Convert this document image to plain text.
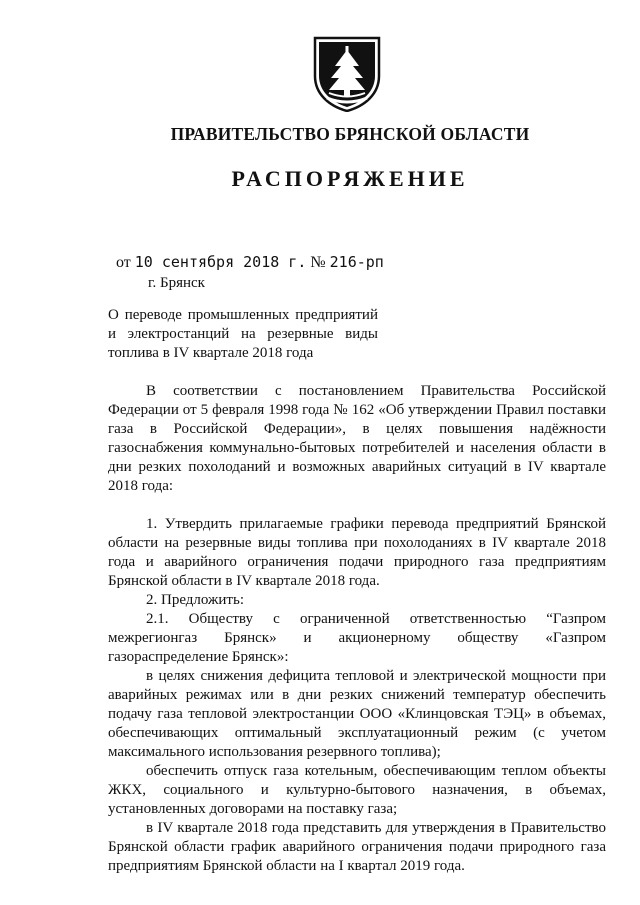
ПРАВИТЕЛЬСТВО БРЯНСКОЙ ОБЛАСТИ
РАСПОРЯЖЕНИЕ
от 10 сентября 2018 г. № 216-рп
г. Брянск
О переводе промышленных предприятий
и электростанций на резервные виды
топлива в IV квартале 2018 года

В соответствии с постановлением Правительства Российской Федерации от 5 февраля 1998 года № 162 «Об утверждении Правил поставки газа в Российской Федерации», в целях повышения надёжности газоснабжения коммунально-бытовых потребителей и населения области в дни резких похолоданий и возможных аварийных ситуаций в IV квартале 2018 года:

1. Утвердить прилагаемые графики перевода предприятий Брянской области на резервные виды топлива при похолоданиях в IV квартале 2018 года и аварийного ограничения подачи природного газа предприятиям Брянской области в IV квартале 2018 года.

2. Предложить:

2.1. Обществу с ограниченной ответственностью “Газпром межрегионгаз Брянск» и акционерному обществу «Газпром газораспределение Брянск»:

в целях снижения дефицита тепловой и электрической мощности при аварийных режимах или в дни резких снижений температур обеспечить подачу газа тепловой электростанции ООО «Клинцовская ТЭЦ» в объемах, обеспечивающих оптимальный эксплуатационный режим (с учетом максимального использования резервного топлива);

обеспечить отпуск газа котельным, обеспечивающим теплом объекты ЖКХ, социального и культурно-бытового назначения, в объемах, установленных договорами на поставку газа;

в IV квартале 2018 года представить для утверждения в Правительство Брянской области график аварийного ограничения подачи природного газа предприятиям Брянской области на I квартал 2019 года.
